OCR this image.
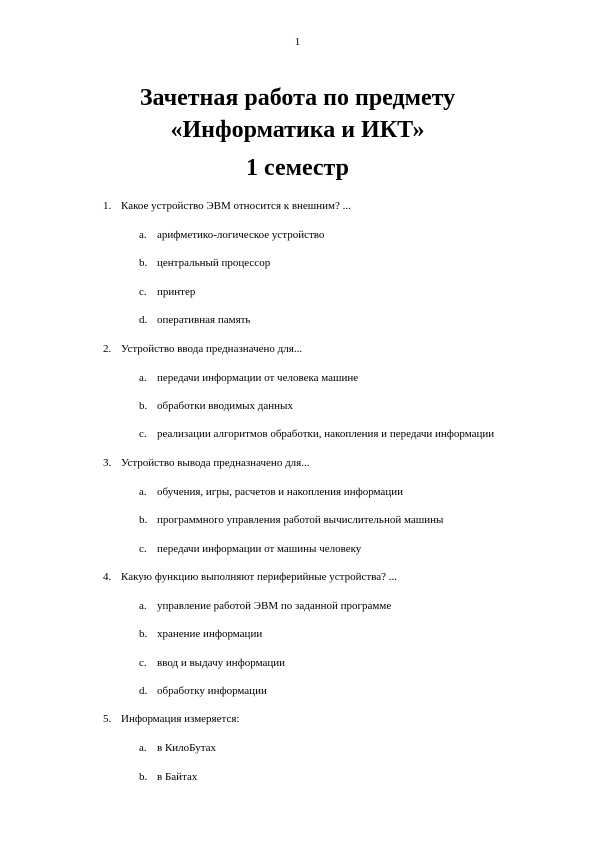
1
Зачетная работа по предмету
«Информатика и ИКТ»
1 семестр
1. Какое устройство ЭВМ относится к внешним? ...
a. арифметико-логическое устройство
b. центральный процессор
c. принтер
d. оперативная память
2. Устройство ввода предназначено для...
a. передачи информации от человека машине
b. обработки вводимых данных
c. реализации алгоритмов обработки, накопления и передачи информации
3. Устройство вывода предназначено для...
a. обучения, игры, расчетов и накопления информации
b. программного управления работой вычислительной машины
c. передачи информации от машины человеку
4. Какую функцию выполняют периферийные устройства? ...
a. управление работой ЭВМ по заданной программе
b. хранение информации
c. ввод и выдачу информации
d. обработку информации
5. Информация измеряется:
a. в КилоБутах
b. в Байтах
